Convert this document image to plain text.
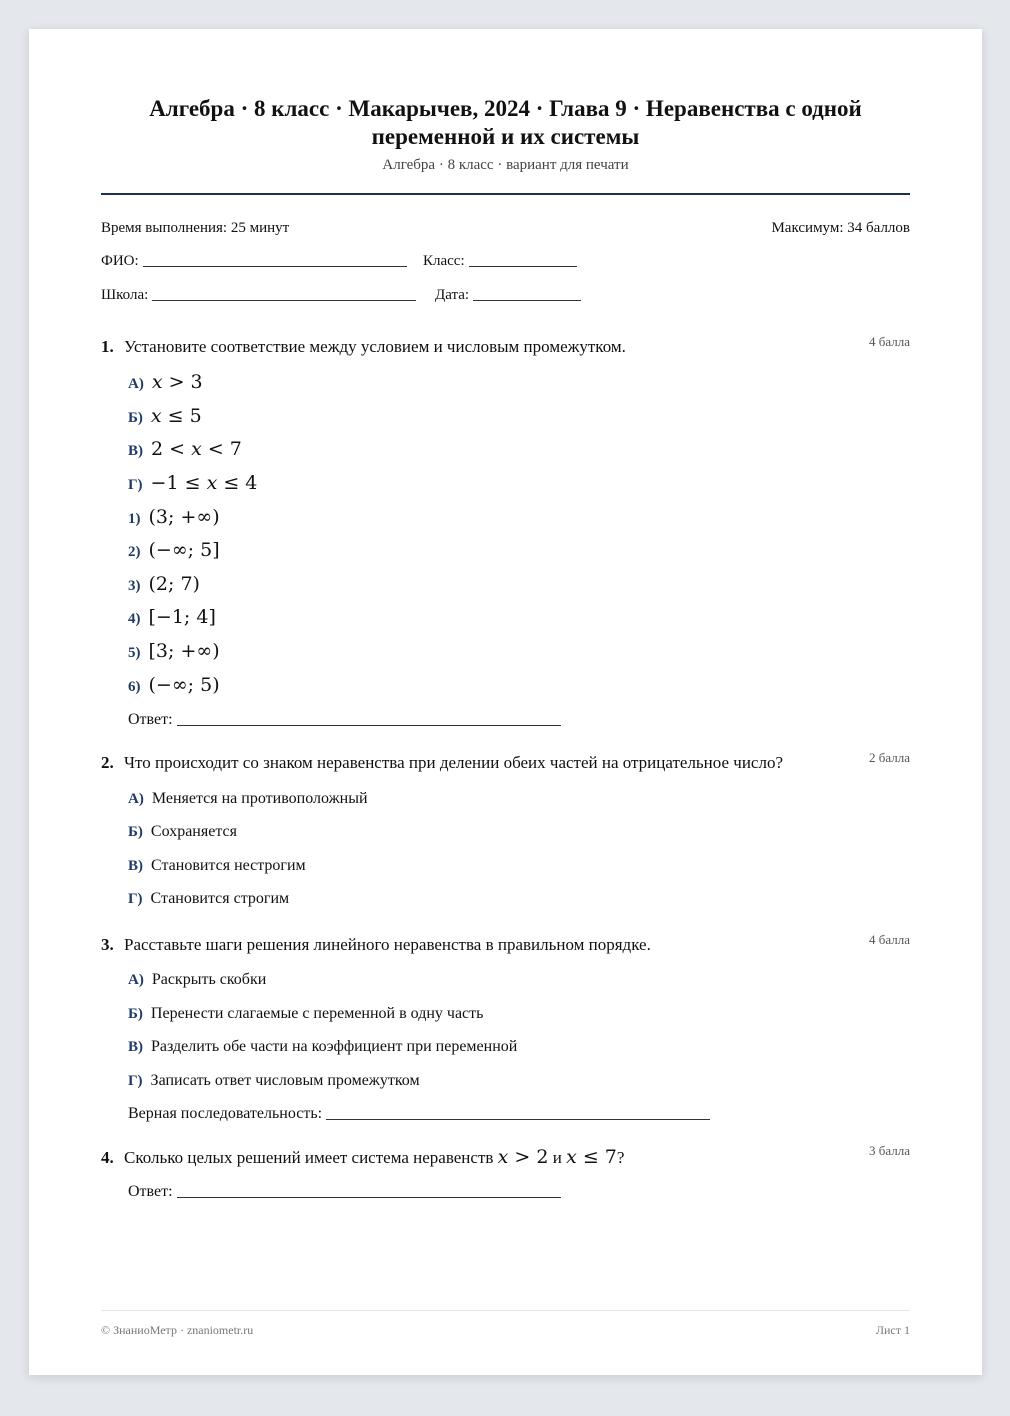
Алгебра · 8 класс · Макарычев, 2024 · Глава 9 · Неравенства с одной
переменной и их системы
Алгебра · 8 класс · вариант для печати
Время выполнения: 25 минут	Максимум: 34 баллов
ФИО:	Класс:
Школа:	Дата:
1. Установите соответствие между условием и числовым промежутком.	4 балла
А) x > 3
Б) x ≤ 5
В) 2 < x < 7
Г) −1 ≤ x ≤ 4
1) (3; +∞)
2) (−∞; 5]
3) (2; 7)
4) [−1; 4]
5) [3; +∞)
6) (−∞; 5)
Ответ:
2. Что происходит со знаком неравенства при делении обеих частей на отрицательное число?	2 балла
А) Меняется на противоположный
Б) Сохраняется
В) Становится нестрогим
Г) Становится строгим
3. Расставьте шаги решения линейного неравенства в правильном порядке.	4 балла
А) Раскрыть скобки
Б) Перенести слагаемые с переменной в одну часть
В) Разделить обе части на коэффициент при переменной
Г) Записать ответ числовым промежутком
Верная последовательность:
4. Сколько целых решений имеет система неравенств x > 2 и x ≤ 7?	3 балла
Ответ:
© ЗнаниоМетр · znaniometr.ru	Лист 1
